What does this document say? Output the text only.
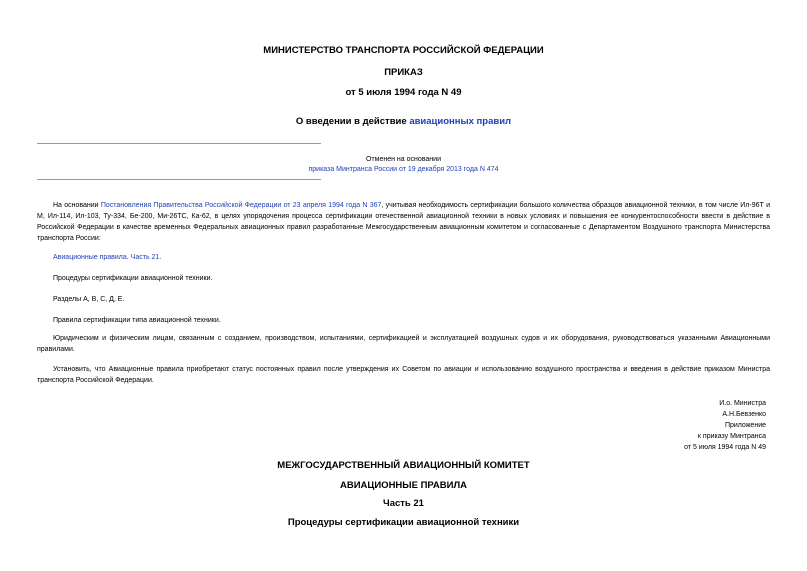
МИНИСТЕРСТВО ТРАНСПОРТА РОССИЙСКОЙ ФЕДЕРАЦИИ
ПРИКАЗ
от 5 июля 1994 года N 49
О введении в действие авиационных правил
Отменен на основании
приказа Минтранса России от 19 декабря 2013 года N 474
На основании Постановления Правительства Российской Федерации от 23 апреля 1994 года N 367, учитывая необходимость сертификации большого количества образцов авиационной техники, в том числе Ил-96Т и М, Ил-114, Ил-103, Ту-334, Бе-200, Ми-26ТС, Ка-62, в целях упорядочения процесса сертификации отечественной авиационной техники в новых условиях и повышения ее конкурентоспособности ввести в действие в Российской Федерации в качестве временных Федеральных авиационных правил разработанные Межгосударственным авиационным комитетом и согласованные с Департаментом Воздушного транспорта Министерства транспорта России:
Авиационные правила. Часть 21.
Процедуры сертификации авиационной техники.
Разделы А, В, С, Д, Е.
Правила сертификации типа авиационной техники.
Юридическим и физическим лицам, связанным с созданием, производством, испытаниями, сертификацией и эксплуатацией воздушных судов и их оборудования, руководствоваться указанными Авиационными правилами.
Установить, что Авиационные правила приобретают статус постоянных правил после утверждения их Советом по авиации и использованию воздушного пространства и введения в действие приказом Министра транспорта Российской Федерации.
И.о. Министра
А.Н.Бевзенко
Приложение
к приказу Минтранса
от 5 июля 1994 года N 49
МЕЖГОСУДАРСТВЕННЫЙ АВИАЦИОННЫЙ КОМИТЕТ
АВИАЦИОННЫЕ ПРАВИЛА
Часть 21
Процедуры сертификации авиационной техники
